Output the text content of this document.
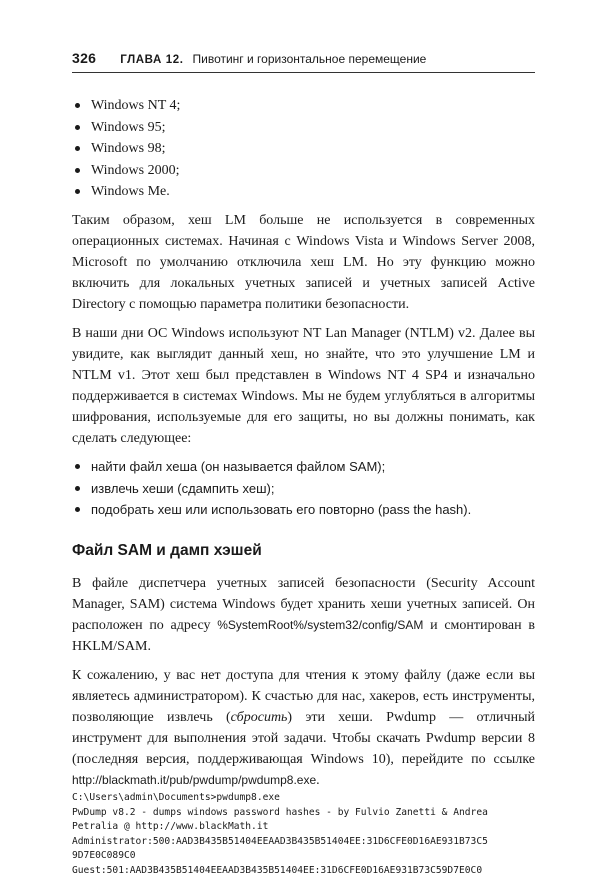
326 ГЛАВА 12. Пивотинг и горизонтальное перемещение
Windows NT 4;
Windows 95;
Windows 98;
Windows 2000;
Windows Me.

Таким образом, хеш LM больше не используется в современных операционных системах. Начиная с Windows Vista и Windows Server 2008, Microsoft по умолчанию отключила хеш LM. Но эту функцию можно включить для локальных учетных записей и учетных записей Active Directory с помощью параметра политики безопасности.

В наши дни ОС Windows используют NT Lan Manager (NTLM) v2. Далее вы увидите, как выглядит данный хеш, но знайте, что это улучшение LM и NTLM v1. Этот хеш был представлен в Windows NT 4 SP4 и изначально поддерживается в системах Windows. Мы не будем углубляться в алгоритмы шифрования, используемые для его защиты, но вы должны понимать, как сделать следующее:

найти файл хеша (он называется файлом SAM);
извлечь хеши (сдампить хеш);
подобрать хеш или использовать его повторно (pass the hash).
Файл SAM и дамп хэшей

В файле диспетчера учетных записей безопасности (Security Account Manager, SAM) система Windows будет хранить хеши учетных записей. Он расположен по адресу %SystemRoot%/system32/config/SAM и смонтирован в HKLM/SAM.

К сожалению, у вас нет доступа для чтения к этому файлу (даже если вы являетесь администратором). К счастью для нас, хакеров, есть инструменты, позволяющие извлечь (сбросить) эти хеши. Pwdump — отличный инструмент для выполнения этой задачи. Чтобы скачать Pwdump версии 8 (последняя версия, поддерживающая Windows 10), перейдите по ссылке http://blackmath.it/pub/pwdump/pwdump8.exe.

C:\Users\admin\Documents>pwdump8.exe
PwDump v8.2 - dumps windows password hashes - by Fulvio Zanetti & Andrea
Petralia @ http://www.blackMath.it
Administrator:500:AAD3B435B51404EEAAD3B435B51404EE:31D6CFE0D16AE931B73C5
9D7E0C089C0
Guest:501:AAD3B435B51404EEAAD3B435B51404EE:31D6CFE0D16AE931B73C59D7E0C0
